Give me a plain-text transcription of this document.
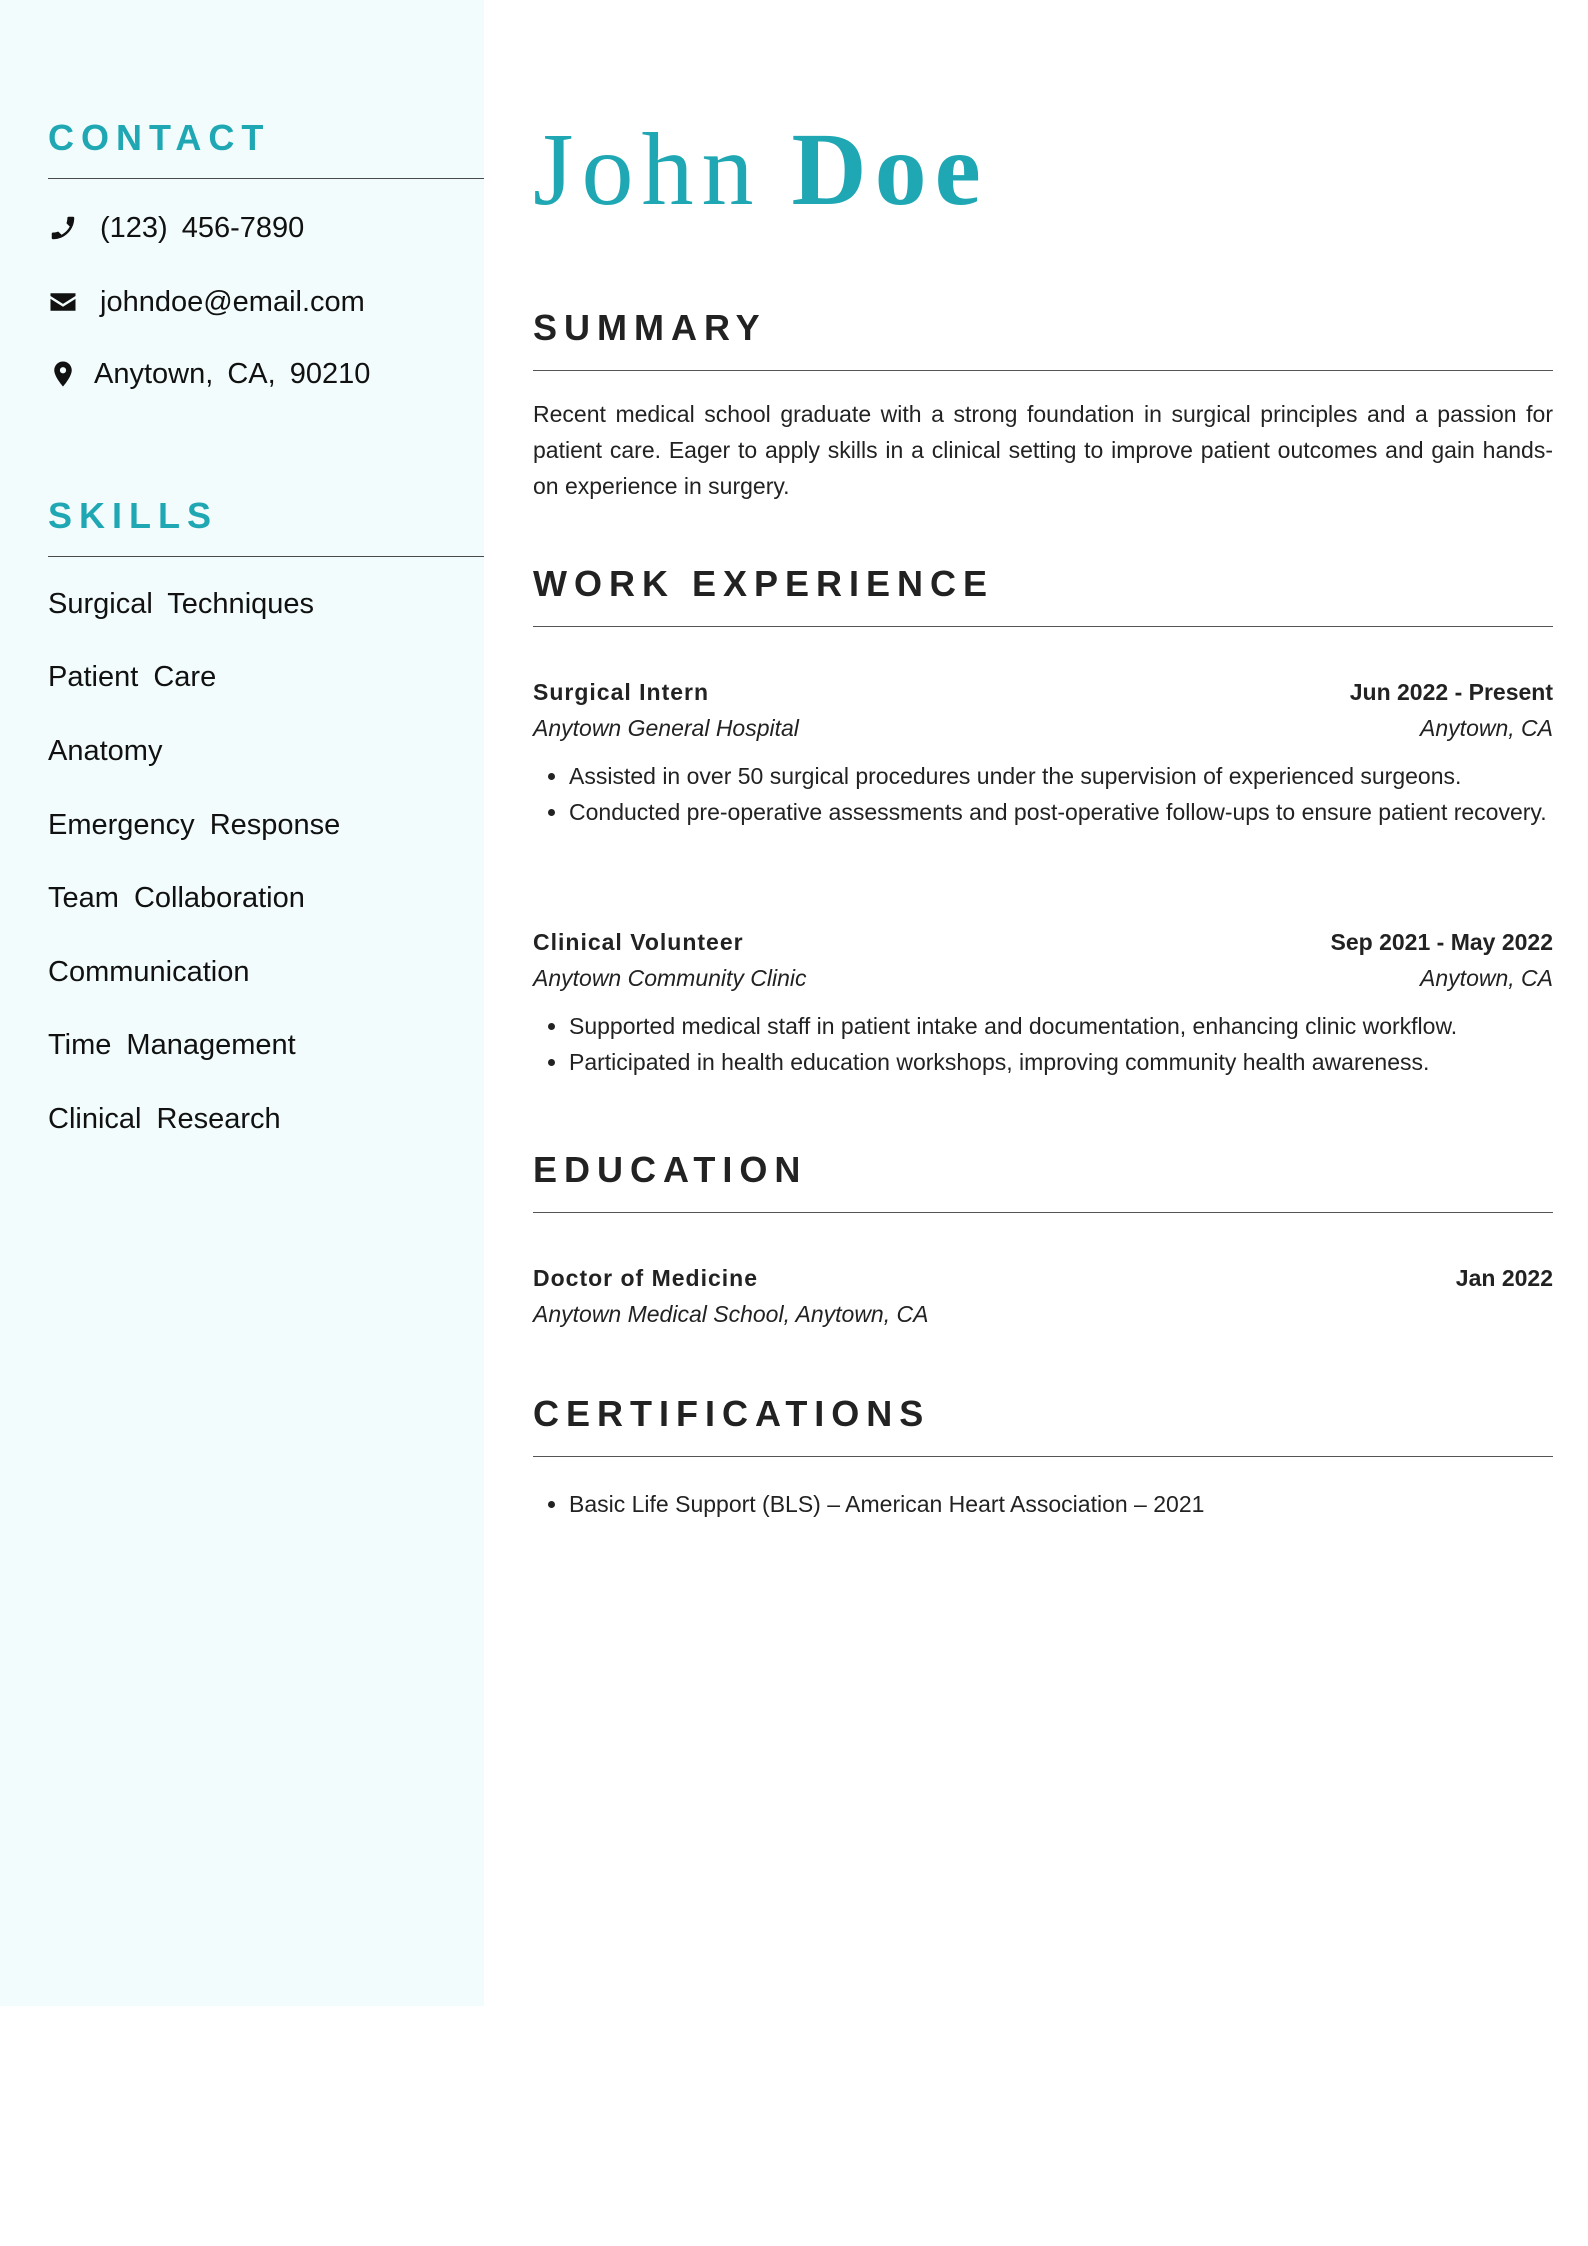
CONTACT
(123) 456-7890
johndoe@email.com
Anytown, CA, 90210
SKILLS
Surgical Techniques
Patient Care
Anatomy
Emergency Response
Team Collaboration
Communication
Time Management
Clinical Research
John Doe
SUMMARY

Recent medical school graduate with a strong foundation in surgical principles and a passion for patient care. Eager to apply skills in a clinical setting to improve patient outcomes and gain hands-on experience in surgery.

WORK EXPERIENCE
Surgical Intern	Jun 2022 - Present
Anytown General Hospital	Anytown, CA
• Assisted in over 50 surgical procedures under the supervision of experienced surgeons.
• Conducted pre-operative assessments and post-operative follow-ups to ensure patient recovery.
Clinical Volunteer	Sep 2021 - May 2022
Anytown Community Clinic	Anytown, CA
• Supported medical staff in patient intake and documentation, enhancing clinic workflow.
• Participated in health education workshops, improving community health awareness.
EDUCATION
Doctor of Medicine	Jan 2022
Anytown Medical School, Anytown, CA
CERTIFICATIONS
• Basic Life Support (BLS) – American Heart Association – 2021
